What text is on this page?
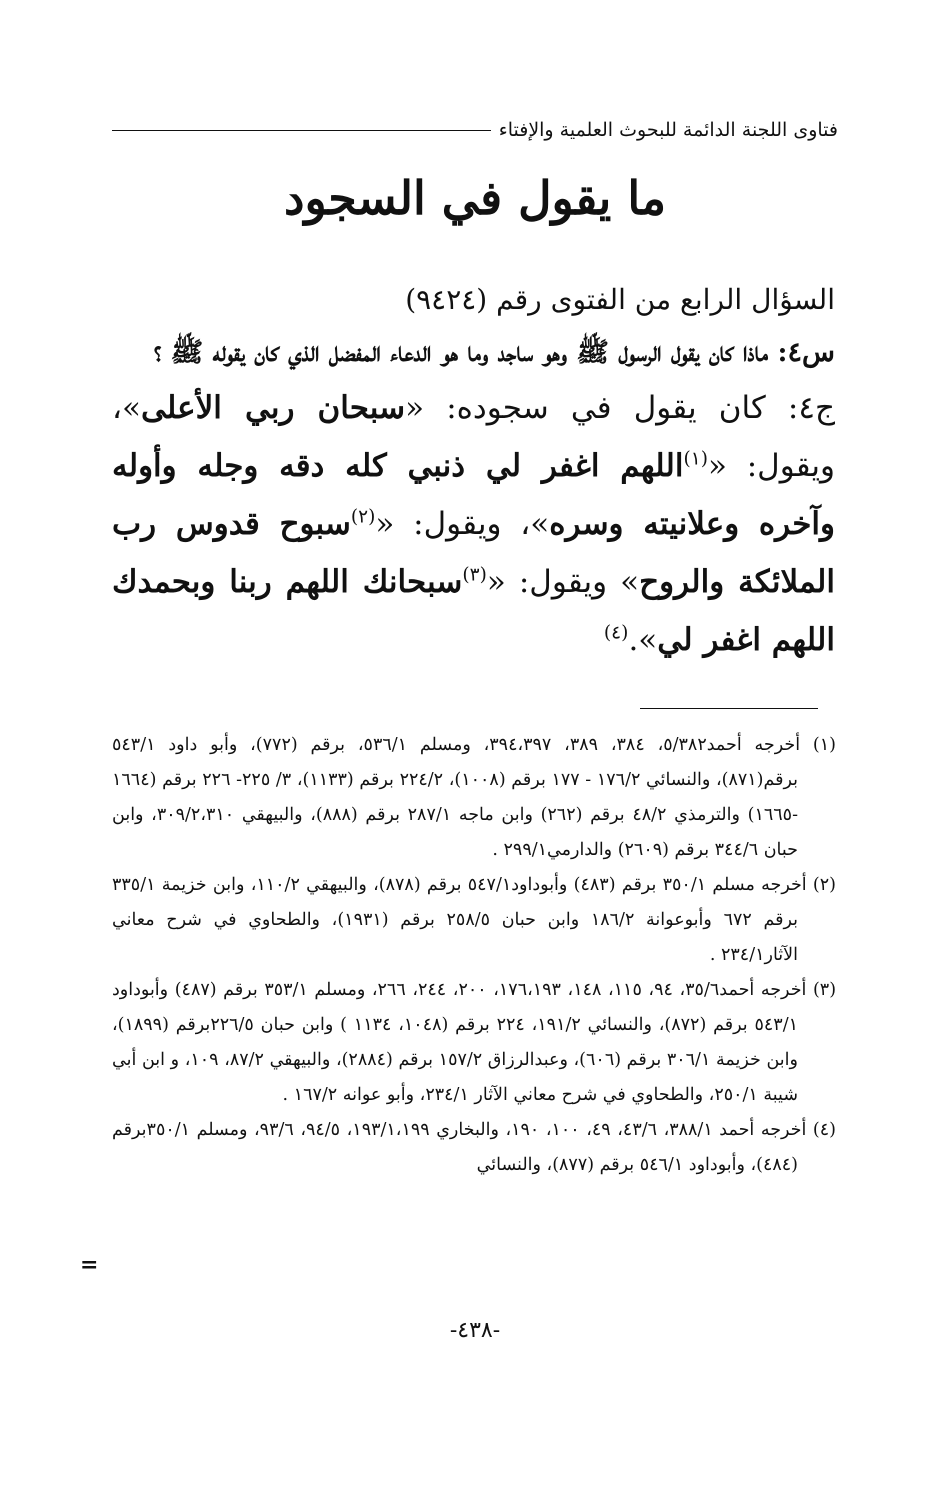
فتاوى اللجنة الدائمة للبحوث العلمية والإفتاء
ما يقول في السجود

السؤال الرابع من الفتوى رقم (٩٤٢٤)

س٤: ماذا كان يقول الرسول ﷺ وهو ساجد وما هو الدعاء المفضل الذي كان يقوله ﷺ ؟

ج٤: كان يقول في سجوده: «سبحان ربي الأعلى»، ويقول: «$^{(١)}$اللهم اغفر لي ذنبي كله دقه وجله وأوله وآخره وعلانيته وسره»، ويقول: «$^{(٢)}$سبوح قدوس رب الملائكة والروح» ويقول: «$^{(٣)}$سبحانك اللهم ربنا وبحمدك اللهم اغفر لي».$^{(٤)}$

(١) أخرجه أحمد٥/٣٨٢، ٣٨٤، ٣٨٩، ٣٩٤،٣٩٧، ومسلم ٥٣٦/١، برقم (٧٧٢)، وأبو داود ٥٤٣/١ برقم(٨٧١)، والنسائي ١٧٦/٢ - ١٧٧ برقم (١٠٠٨)، ٢٢٤/٢ برقم (١١٣٣)، ٣/ ٢٢٥- ٢٢٦ برقم (١٦٦٤ -١٦٦٥) والترمذي ٤٨/٢ برقم (٢٦٢) وابن ماجه ٢٨٧/١ برقم (٨٨٨)، والبيهقي ٣٠٩/٢،٣١٠، وابن حبان ٣٤٤/٦ برقم (٢٦٠٩) والدارمي٢٩٩/١ .

(٢) أخرجه مسلم ٣٥٠/١ برقم (٤٨٣) وأبوداود٥٤٧/١ برقم (٨٧٨)، والبيهقي ١١٠/٢، وابن خزيمة ٣٣٥/١ برقم ٦٧٢ وأبوعوانة ١٨٦/٢ وابن حبان ٢٥٨/٥ برقم (١٩٣١)، والطحاوي في شرح معاني الآثار٢٣٤/١ .

(٣) أخرجه أحمد٣٥/٦، ٩٤، ١١٥، ١٤٨، ١٧٦،١٩٣، ٢٠٠، ٢٤٤، ٢٦٦، ومسلم ٣٥٣/١ برقم (٤٨٧) وأبوداود ٥٤٣/١ برقم (٨٧٢)، والنسائي ١٩١/٢، ٢٢٤ برقم (١٠٤٨، ١١٣٤ ) وابن حبان ٢٢٦/٥برقم (١٨٩٩)، وابن خزيمة ٣٠٦/١ برقم (٦٠٦)، وعبدالرزاق ١٥٧/٢ برقم (٢٨٨٤)، والبيهقي ٨٧/٢، ١٠٩، و ابن أبي شيبة ٢٥٠/١، والطحاوي في شرح معاني الآثار ٢٣٤/١، وأبو عوانه ١٦٧/٢ .

(٤) أخرجه أحمد ٣٨٨/١، ٤٣/٦، ٤٩، ١٠٠، ١٩٠، والبخاري ١٩٣/١،١٩٩، ٩٤/٥، ٩٣/٦، ومسلم ٣٥٠/١برقم (٤٨٤)، وأبوداود ٥٤٦/١ برقم (٨٧٧)، والنسائي

=
-٤٣٨-
